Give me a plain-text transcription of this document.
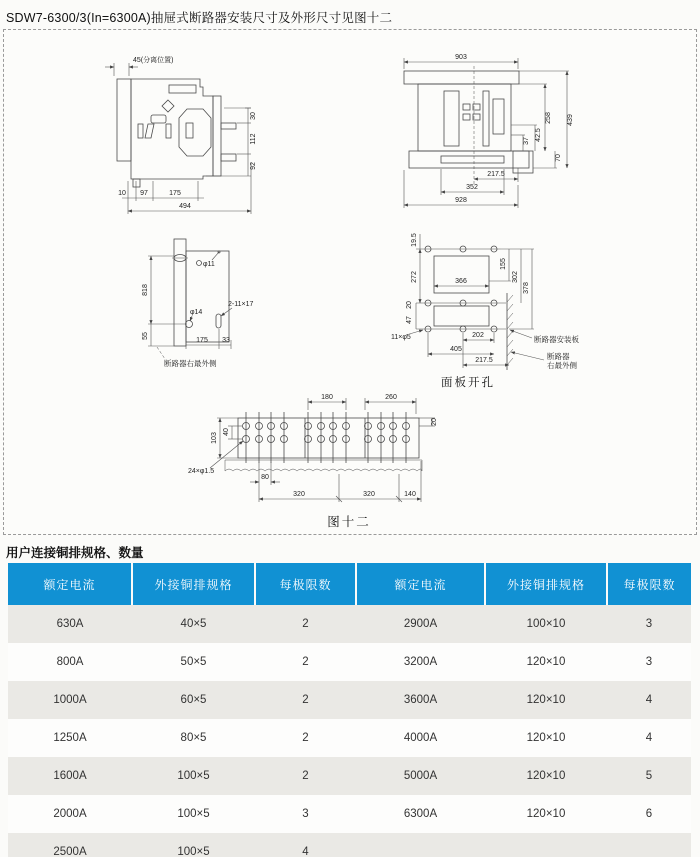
SDW7-6300/3(In=6300A)抽屉式断路器安装尺寸及外形尺寸见图十二
45(分离位置)
30
112
92
10 97	175
494
903
37 42.5
70
258 439
217.5
352
928
φ11
φ14
2-11×17
818
55
175 33
断路器右最外侧
366
19.5
272
20
47
155
302
378
202
405
217.5
11×φ5	断路器安装板
断路器
右最外侧
面板开孔
180	260
20
103
40
24×φ1.5
80
320	320	140
图十二
用户连接铜排规格、数量
额定电流	外接铜排规格	每极限数	额定电流	外接铜排规格	每极限数
630A	40×5	2	2900A	100×10	3
800A	50×5	2	3200A	120×10	3
1000A	60×5	2	3600A	120×10	4
1250A	80×5	2	4000A	120×10	4
1600A	100×5	2	5000A	120×10	5
2000A	100×5	3	6300A	120×10	6
2500A	100×5	4			
